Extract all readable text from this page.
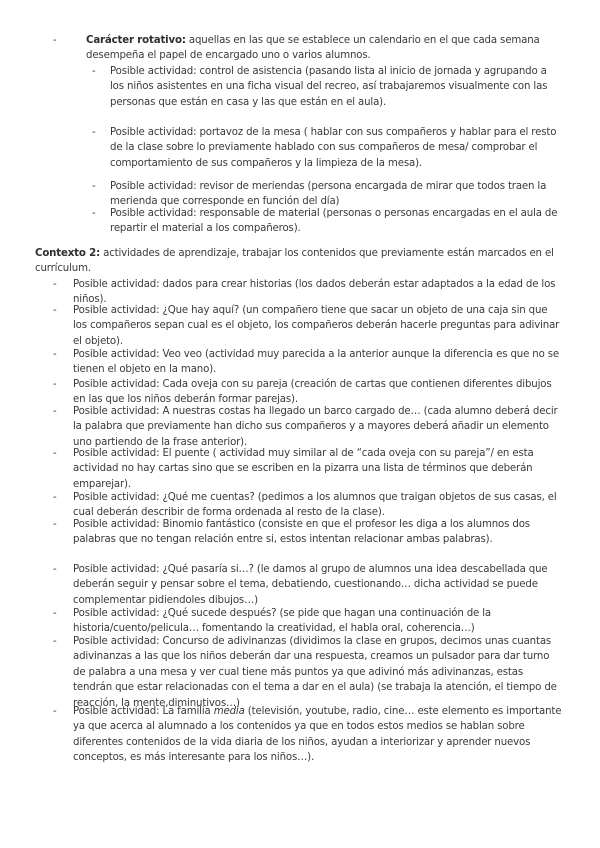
-	Carácter rotativo: aquellas en las que se establece un calendario en el que cada semana desempeña el papel de encargado uno o varios alumnos.
- Posible actividad: control de asistencia (pasando lista al inicio de jornada y agrupando a los niños asistentes en una ficha visual del recreo, así trabajaremos visualmente con las personas que están en casa y las que están en el aula).
- Posible actividad: portavoz de la mesa ( hablar con sus compañeros y hablar para el resto de la clase sobre lo previamente hablado con sus compañeros de mesa/ comprobar el comportamiento de sus compañeros y la limpieza de la mesa).
- Posible actividad: revisor de meriendas (persona encargada de mirar que todos traen la merienda que corresponde en función del día)
- Posible actividad: responsable de material (personas o personas encargadas en el aula de repartir el material a los compañeros).
Contexto 2: actividades de aprendizaje, trabajar los contenidos que previamente están marcados en el currículum.
- Posible actividad: dados para crear historias (los dados deberán estar adaptados a la edad de los niños).
- Posible actividad: ¿Que hay aquí? (un compañero tiene que sacar un objeto de una caja sin que los compañeros sepan cual es el objeto, los compañeros deberán hacerle preguntas para adivinar el objeto).
- Posible actividad: Veo veo (actividad muy parecida a la anterior aunque la diferencia es que no se tienen el objeto en la mano).
- Posible actividad: Cada oveja con su pareja (creación de cartas que contienen diferentes dibujos en las que los niños deberán formar parejas).
- Posible actividad: A nuestras costas ha llegado un barco cargado de… (cada alumno deberá decir la palabra que previamente han dicho sus compañeros y a mayores deberá añadir un elemento uno partiendo de la frase anterior).
- Posible actividad: El puente ( actividad muy similar al de “cada oveja con su pareja”/ en esta actividad no hay cartas sino que se escriben en la pizarra una lista de términos que deberán emparejar).
- Posible actividad: ¿Qué me cuentas? (pedimos a los alumnos que traigan objetos de sus casas, el cual deberán describir de forma ordenada al resto de la clase).
- Posible actividad: Binomio fantástico (consiste en que el profesor les diga a los alumnos dos palabras que no tengan relación entre si, estos intentan relacionar ambas palabras).
- Posible actividad: ¿Qué pasaría si…? (le damos al grupo de alumnos una idea descabellada que deberán seguir y pensar sobre el tema, debatiendo, cuestionando… dicha actividad se puede complementar pidiendoles dibujos…)
- Posible actividad: ¿Qué sucede después? (se pide que hagan una continuación de la historia/cuento/pelicula… fomentando la creatividad, el habla oral, coherencia…)
- Posible actividad: Concurso de adivinanzas (dividimos la clase en grupos, decimos unas cuantas adivinanzas a las que los niños deberán dar una respuesta, creamos un pulsador para dar turno de palabra a una mesa y ver cual tiene más puntos ya que adivinó más adivinanzas, estas tendrán que estar relacionadas con el tema a dar en el aula) (se trabaja la atención, el tiempo de reacción, la mente,diminutivos…)
- Posible actividad: La familia media (televisión, youtube, radio, cine… este elemento es importante ya que acerca al alumnado a los contenidos ya que en todos estos medios se hablan sobre diferentes contenidos de la vida diaria de los niños, ayudan a interiorizar y aprender nuevos conceptos, es más interesante para los niños…).
